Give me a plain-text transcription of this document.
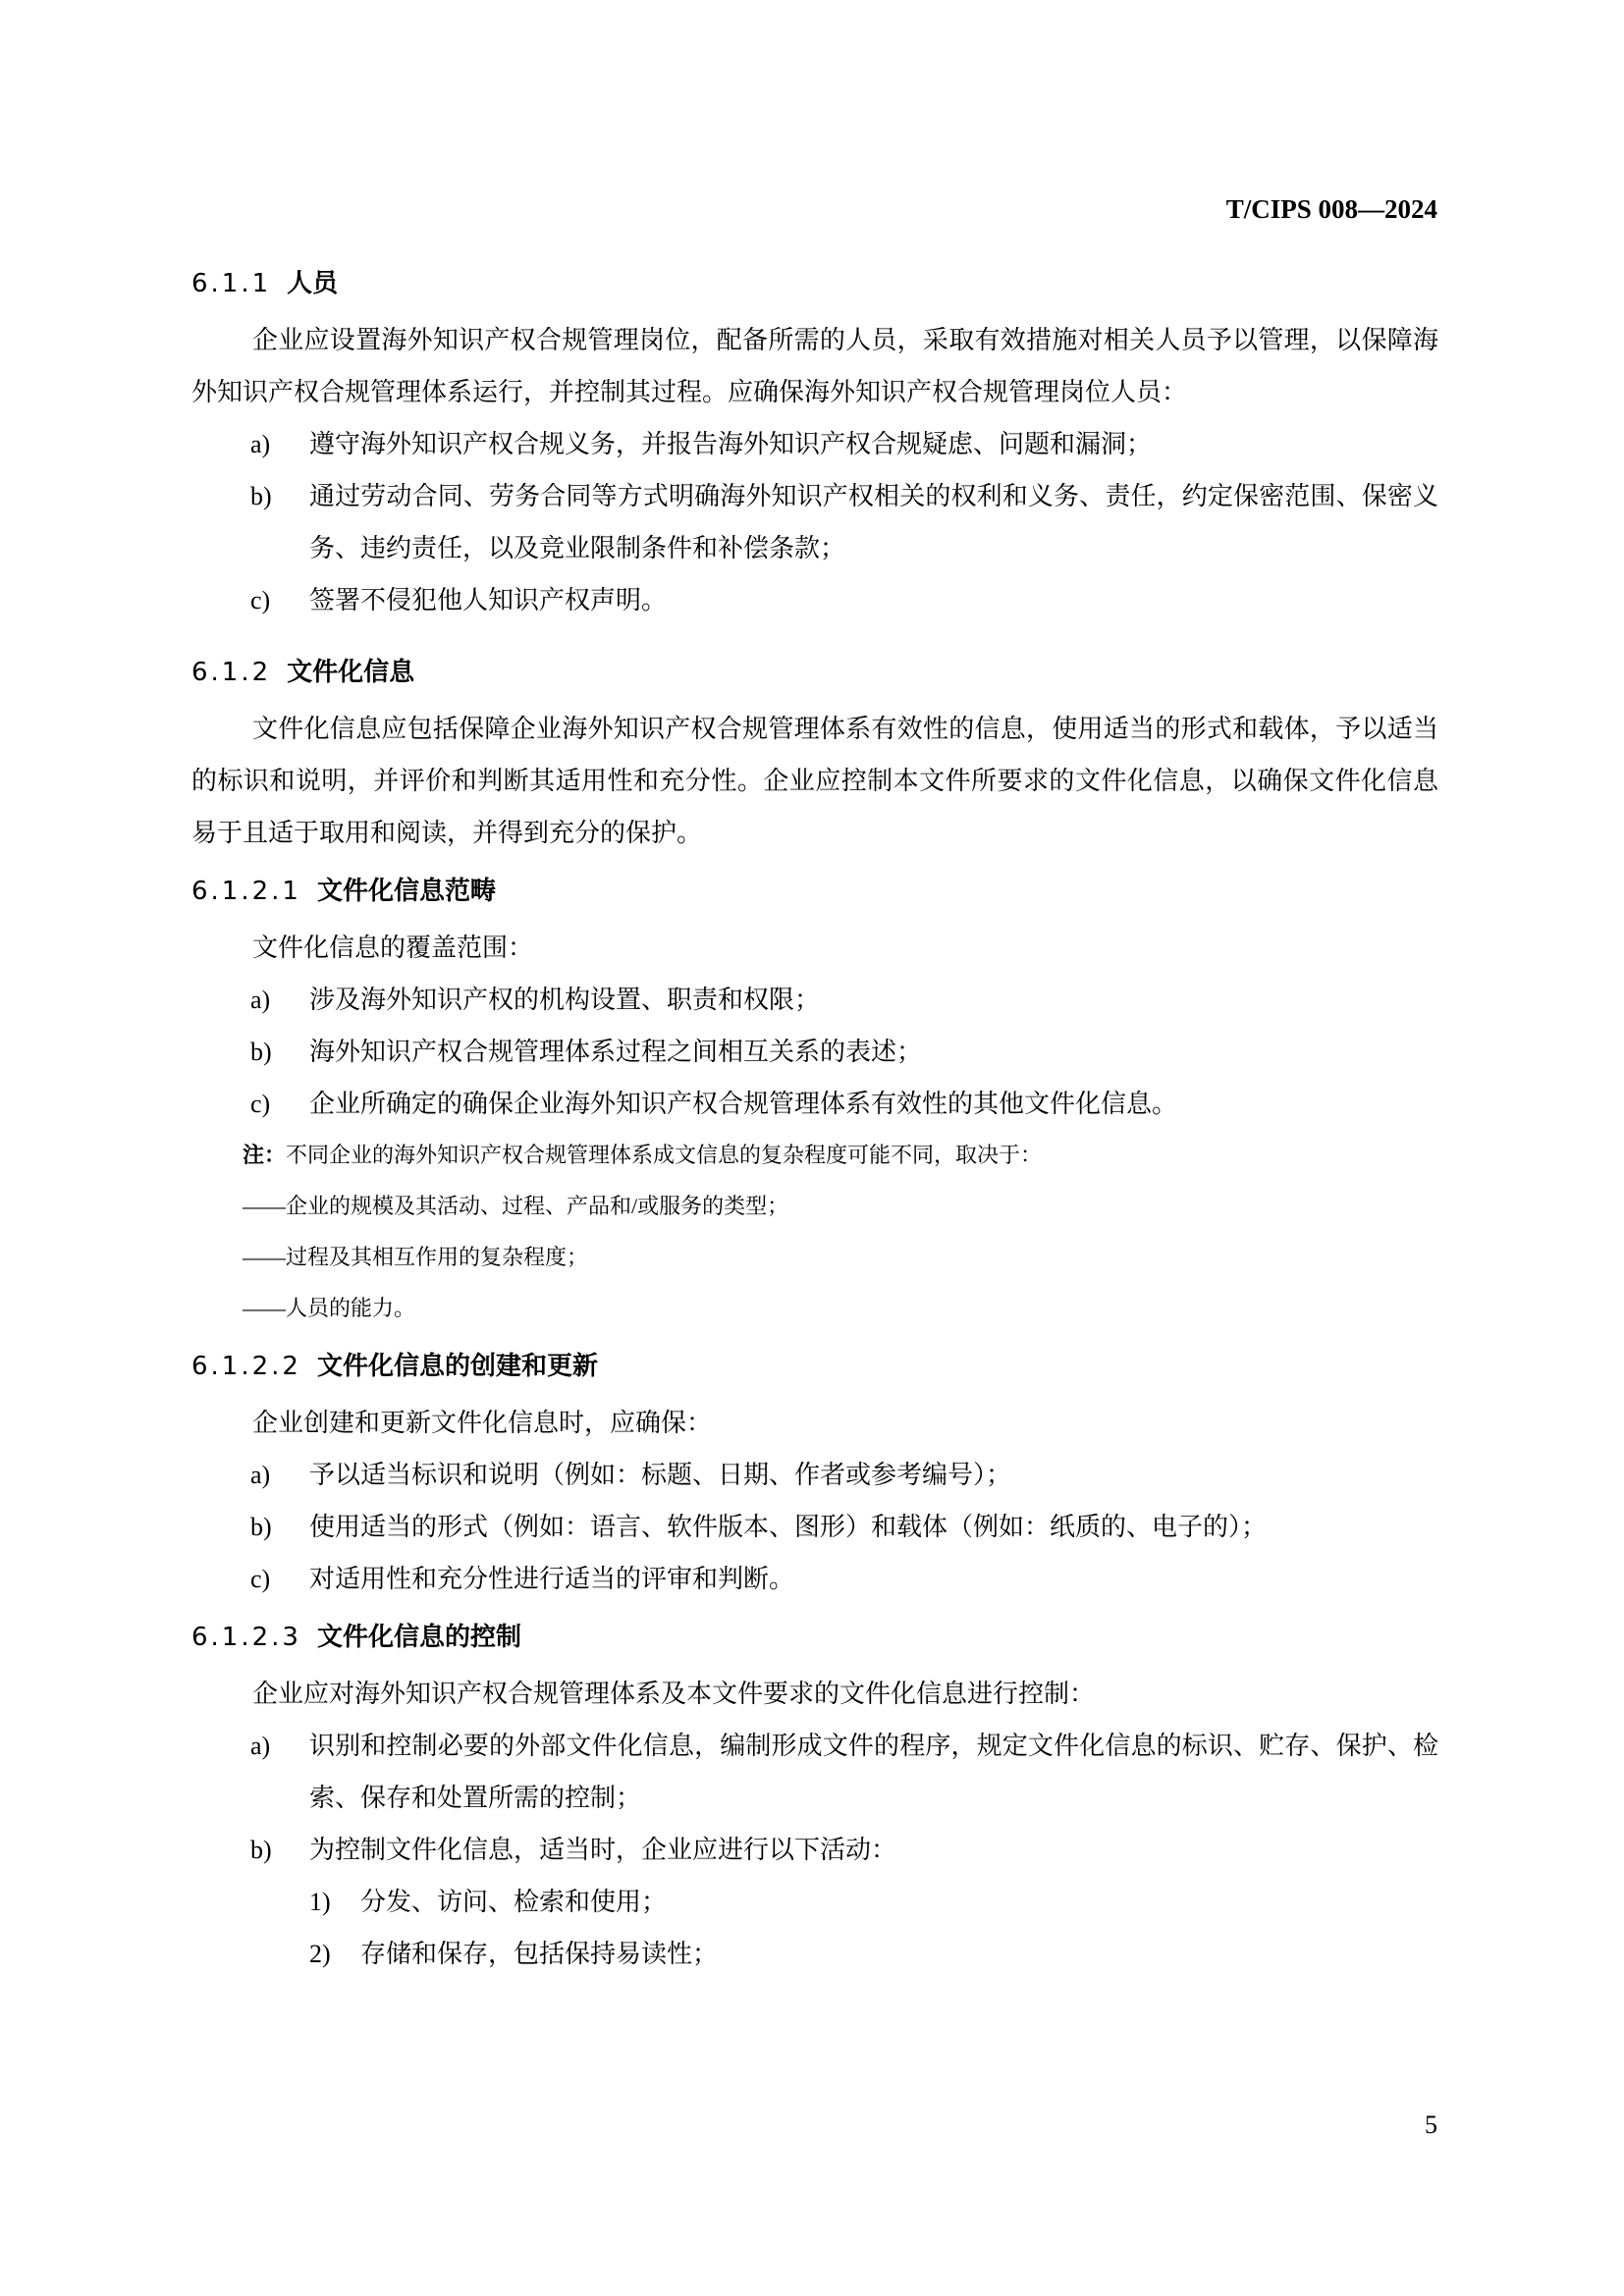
T/CIPS 008—2024
6.1.1 人员

企业应设置海外知识产权合规管理岗位，配备所需的人员，采取有效措施对相关人员予以管理，以保障海外知识产权合规管理体系运行，并控制其过程。应确保海外知识产权合规管理岗位人员：

a) 遵守海外知识产权合规义务，并报告海外知识产权合规疑虑、问题和漏洞；
b) 通过劳动合同、劳务合同等方式明确海外知识产权相关的权利和义务、责任，约定保密范围、保密义务、违约责任，以及竞业限制条件和补偿条款；
c) 签署不侵犯他人知识产权声明。
6.1.2 文件化信息

文件化信息应包括保障企业海外知识产权合规管理体系有效性的信息，使用适当的形式和载体，予以适当的标识和说明，并评价和判断其适用性和充分性。企业应控制本文件所要求的文件化信息，以确保文件化信息易于且适于取用和阅读，并得到充分的保护。

6.1.2.1 文件化信息范畴

文件化信息的覆盖范围：

a) 涉及海外知识产权的机构设置、职责和权限；
b) 海外知识产权合规管理体系过程之间相互关系的表述；
c) 企业所确定的确保企业海外知识产权合规管理体系有效性的其他文件化信息。
注：不同企业的海外知识产权合规管理体系成文信息的复杂程度可能不同，取决于：
——企业的规模及其活动、过程、产品和/或服务的类型；
——过程及其相互作用的复杂程度；
——人员的能力。
6.1.2.2 文件化信息的创建和更新

企业创建和更新文件化信息时，应确保：

a) 予以适当标识和说明（例如：标题、日期、作者或参考编号）；
b) 使用适当的形式（例如：语言、软件版本、图形）和载体（例如：纸质的、电子的）；
c) 对适用性和充分性进行适当的评审和判断。
6.1.2.3 文件化信息的控制

企业应对海外知识产权合规管理体系及本文件要求的文件化信息进行控制：

a) 识别和控制必要的外部文件化信息，编制形成文件的程序，规定文件化信息的标识、贮存、保护、检索、保存和处置所需的控制；
b) 为控制文件化信息，适当时，企业应进行以下活动：
1) 分发、访问、检索和使用；
2) 存储和保存，包括保持易读性；
5
